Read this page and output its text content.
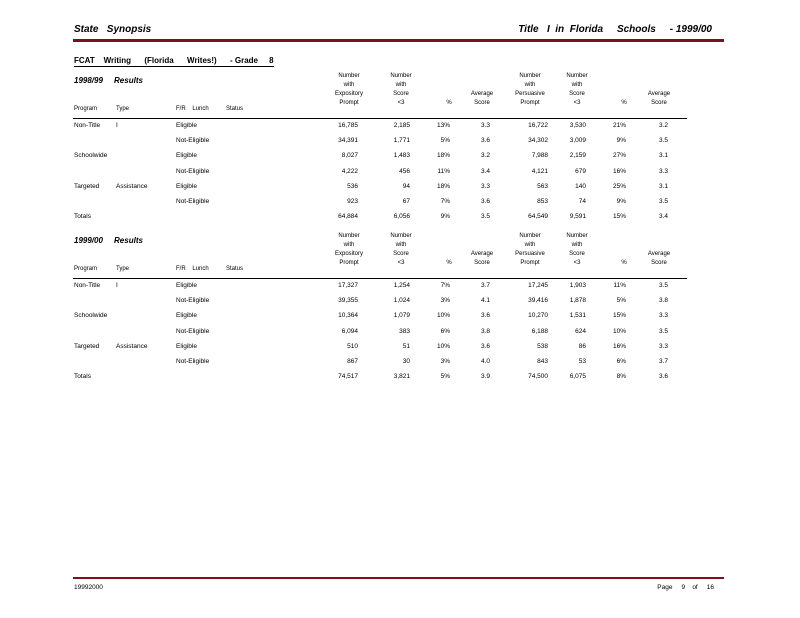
State   Synopsis	Title   I  in  Florida     Schools     - 1999/00
FCAT    Writing      (Florida      Writes!)      - Grade     8
1998/99     Results	Number
with
Expository
Prompt
Number
with
Score
<3	%
Average
Score
Number
with
Persuasive
Prompt
Number
with
Score
<3	%
Average
Score
Program	Type	F/R    Lunch	Status
Non-Title I	Eligible	16,785	2,185	13%	3.3	16,722	3,530	21%	3.2
Not-Eligible	34,391	1,771	5%	3.6	34,302	3,009	9%	3.5
Schoolwide	Eligible	8,027	1,483	18%	3.2	7,988	2,159	27%	3.1
Not-Eligible	4,222	456	11%	3.4	4,121	679	16%	3.3
Targeted	Assistance	Eligible	536	94	18%	3.3	563	140	25%	3.1
Not-Eligible	923	67	7%	3.6	853	74	9%	3.5
Totals	64,884	6,056	9%	3.5	64,549	9,591	15%	3.4
1999/00     Results	Number
with
Expository
Prompt
Number
with
Score
<3	%
Average
Score
Number
with
Persuasive
Prompt
Number
with
Score
<3	%
Average
Score
Program	Type	F/R    Lunch	Status
Non-Title I	Eligible	17,327	1,254	7%	3.7	17,245	1,903	11%	3.5
Not-Eligible	39,355	1,024	3%	4.1	39,416	1,878	5%	3.8
Schoolwide	Eligible	10,364	1,079	10%	3.6	10,270	1,531	15%	3.3
Not-Eligible	6,094	383	6%	3.8	6,188	624	10%	3.5
Targeted	Assistance	Eligible	510	51	10%	3.6	538	86	16%	3.3
Not-Eligible	867	30	3%	4.0	843	53	6%	3.7
Totals	74,517	3,821	5%	3.9	74,500	6,075	8%	3.6
19992000	Page     9    of     16
